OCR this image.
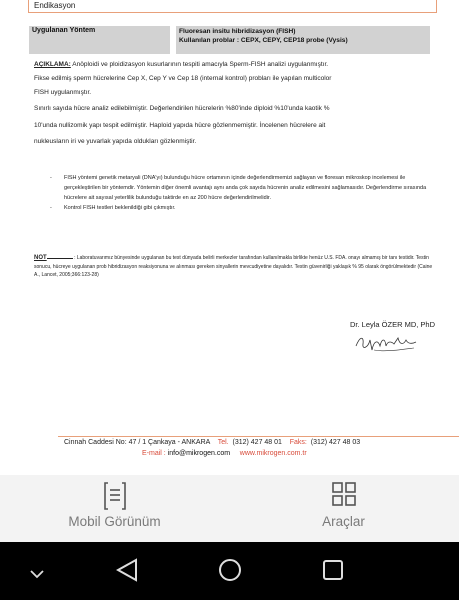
Endikasyon
Uygulanan Yöntem	Fluoresan insitu hibridizasyon (FISH)
Kullanılan problar : CEPX, CEPY, CEP18 probe (Vysis)
AÇIKLAMA: Anöploidi ve ploidizasyon kusurlarının tespiti amacıyla Sperm-FISH analizi uygulanmıştır.
Fikse edilmiş sperm hücrelerine Cep X, Cep Y ve Cep 18 (internal kontrol) probları ile yapılan multicolor
FISH uygulanmıştır.
Sınırlı sayıda hücre analiz edilebilmiştir. Değerlendirilen hücrelerin %80'inde diploid %10'unda kaotik %
10'unda nullizomik yapı tespit edilmiştir. Haploid yapıda hücre gözlenmemiştir. İncelenen hücrelere ait
nukleusların iri ve yuvarlak yapıda oldukları gözlenmiştir.
- FISH yöntemi genetik metaryali (DNA'yı) bulunduğu hücre ortamının içinde değerlendirmemizi sağlayan ve floresan mikroskop incelemesi ile gerçekleştirilen bir yöntemdir. Yöntemin diğer önemli avantajı aynı anda çok sayıda hücrenin analiz edilmesini sağlamasıdır. Değerlendirme sırasında hücrelere ait sayısal yeterlilik bulunduğu taktirde en az 200 hücre değerlendirilmelidir.
- Kontrol FISH testleri beklenildiği gibi çıkmıştır.
NOT	: Laboratuvarımız bünyesinde uygulanan bu test dünyada belirli merkezler tarafından kullanılmakla birlikte henüz U.S. FDA. onayı almamış bir tanı testidir. Testin sonucu, hücreye uygulanan prob hibridizasyon reaksiyonuna ve alınması gereken sinyallerin mevcudiyetine dayalıdır. Testin güvenirliği yaklaşık % 95 olarak öngörülmektedir (Caine A., Lancet, 2005;366:123-28)
Dr. Leyla ÖZER MD, PhD
Cinnah Caddesi No: 47 / 1 Çankaya - ANKARA Tel. (312) 427 48 01 Faks: (312) 427 48 03
E-mail : info@mikrogen.com www.mikrogen.com.tr
Mobil Görünüm	Araçlar
